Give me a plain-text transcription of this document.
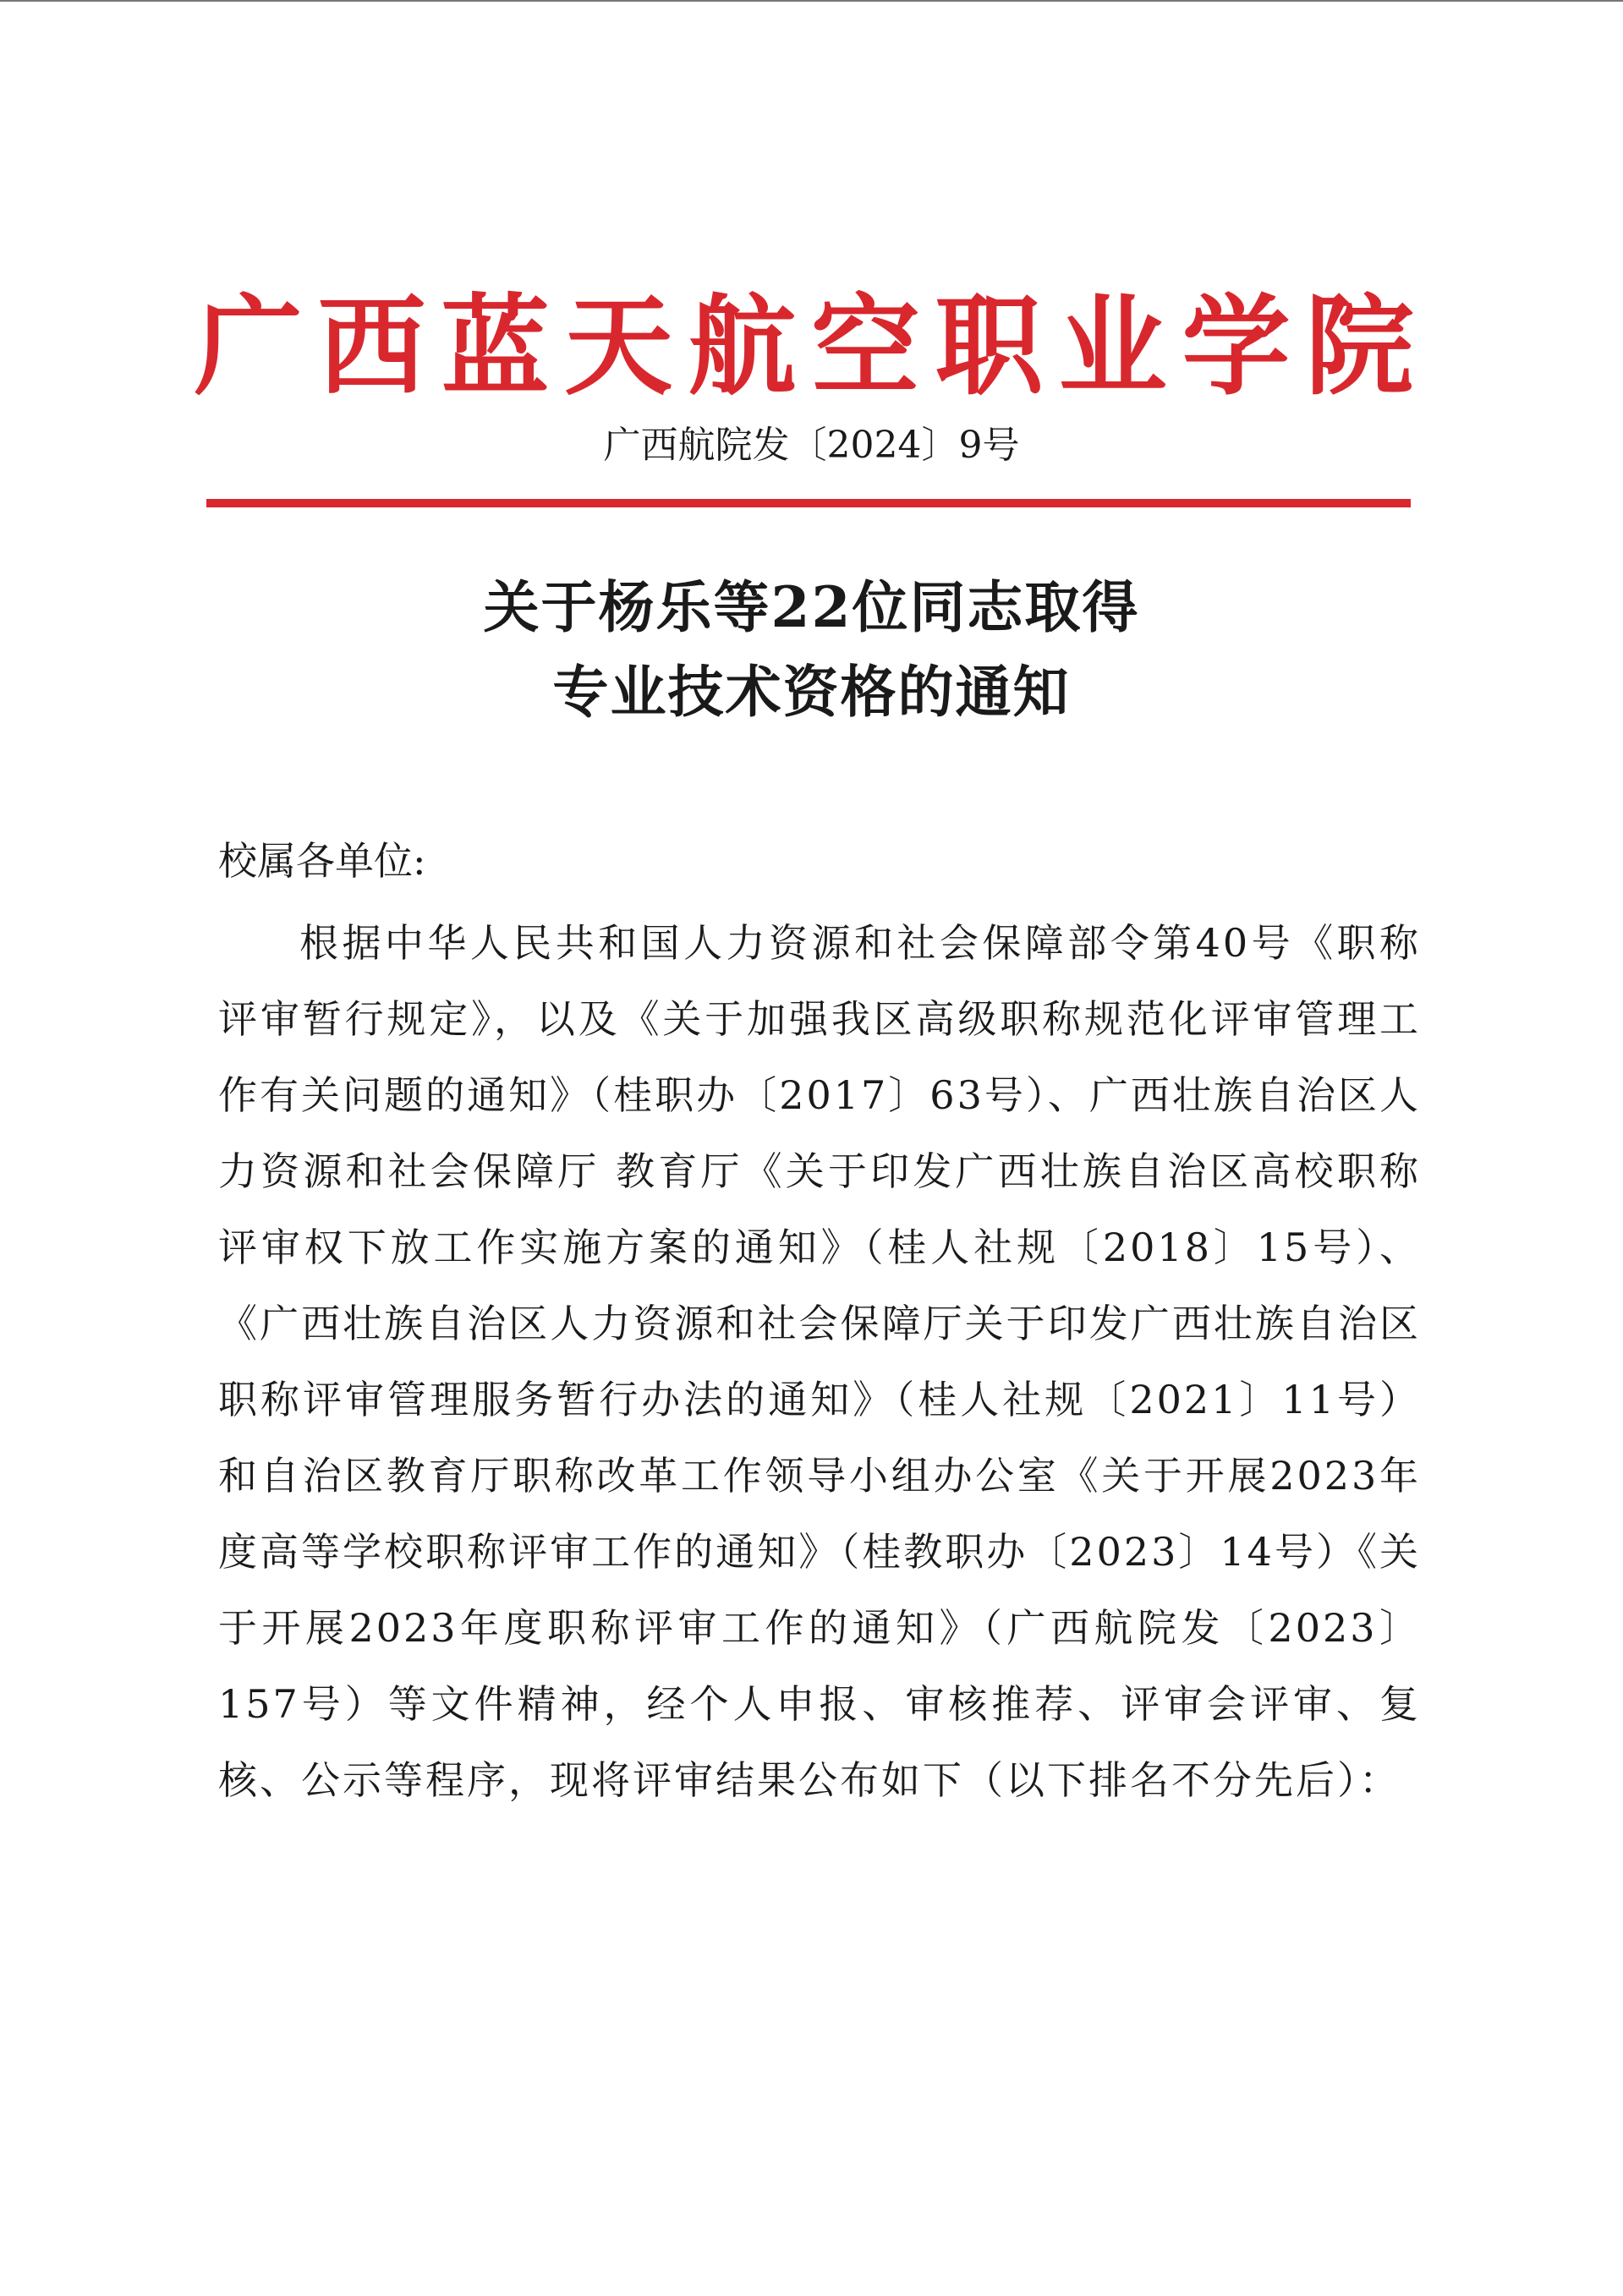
广西蓝天航空职业学院
广西航院发〔2024〕9号
关于杨乐等22位同志取得
专业技术资格的通知
校属各单位:

根据中华人民共和国人力资源和社会保障部令第40号《职称评审暂行规定》，以及《关于加强我区高级职称规范化评审管理工作有关问题的通知》（桂职办〔2017〕63号）、广西壮族自治区人力资源和社会保障厅 教育厅《关于印发广西壮族自治区高校职称评审权下放工作实施方案的通知》（桂人社规〔2018〕15号）、《广西壮族自治区人力资源和社会保障厅关于印发广西壮族自治区职称评审管理服务暂行办法的通知》（桂人社规〔2021〕11号）和自治区教育厅职称改革工作领导小组办公室《关于开展2023年度高等学校职称评审工作的通知》（桂教职办〔2023〕14号）《关于开展2023年度职称评审工作的通知》（广西航院发〔2023〕157号）等文件精神，经个人申报、审核推荐、评审会评审、复核、公示等程序，现将评审结果公布如下（以下排名不分先后）：
